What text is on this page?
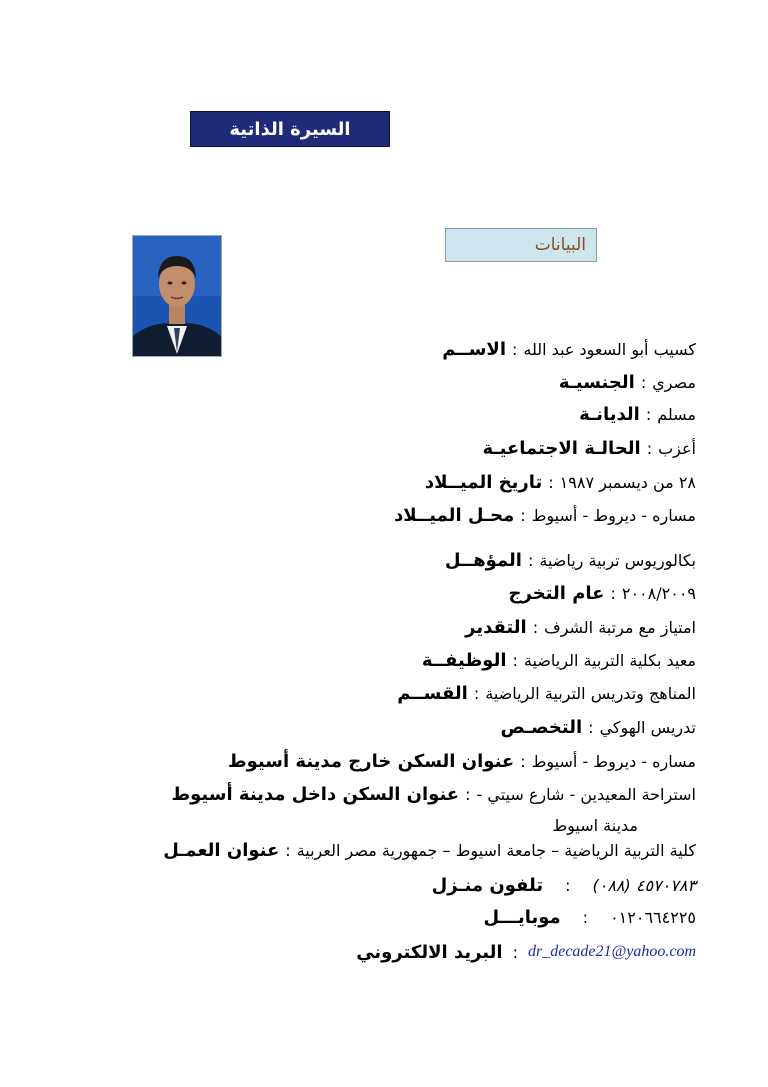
السيرة الذاتية
البيانات
الاســم : كسيب أبو السعود عبد الله
الجنسيـة : مصري
الديانـة : مسلم
الحالـة الاجتماعيـة : أعزب
تاريخ الميــلاد : ٢٨ من ديسمبر ١٩٨٧
محـل الميــلاد : مساره - ديروط - أسيوط
المؤهــل : بكالوريوس تربية رياضية
عام التخرج : ٢٠٠٨/٢٠٠٩
التقدير : امتياز مع مرتبة الشرف
الوظيفــة : معيد بكلية التربية الرياضية
القســم : المناهج وتدريس التربية الرياضية
التخصـص : تدريس الهوكي
عنوان السكن خارج مدينة أسيوط : مساره - ديروط - أسيوط
عنوان السكن داخل مدينة أسيوط : استراحة المعيدين - شارع سيتي -
مدينة اسيوط
عنوان العمـل : كلية التربية الرياضية – جامعة اسيوط – جمهورية مصر العربية
تلفون منـزل : ٤٥٧٠٧٨٣ (٠٨٨)
موبايـــل : ٠١٢٠٦٦٤٢٢٥
البريد الالكتروني : dr_decade21@yahoo.com
